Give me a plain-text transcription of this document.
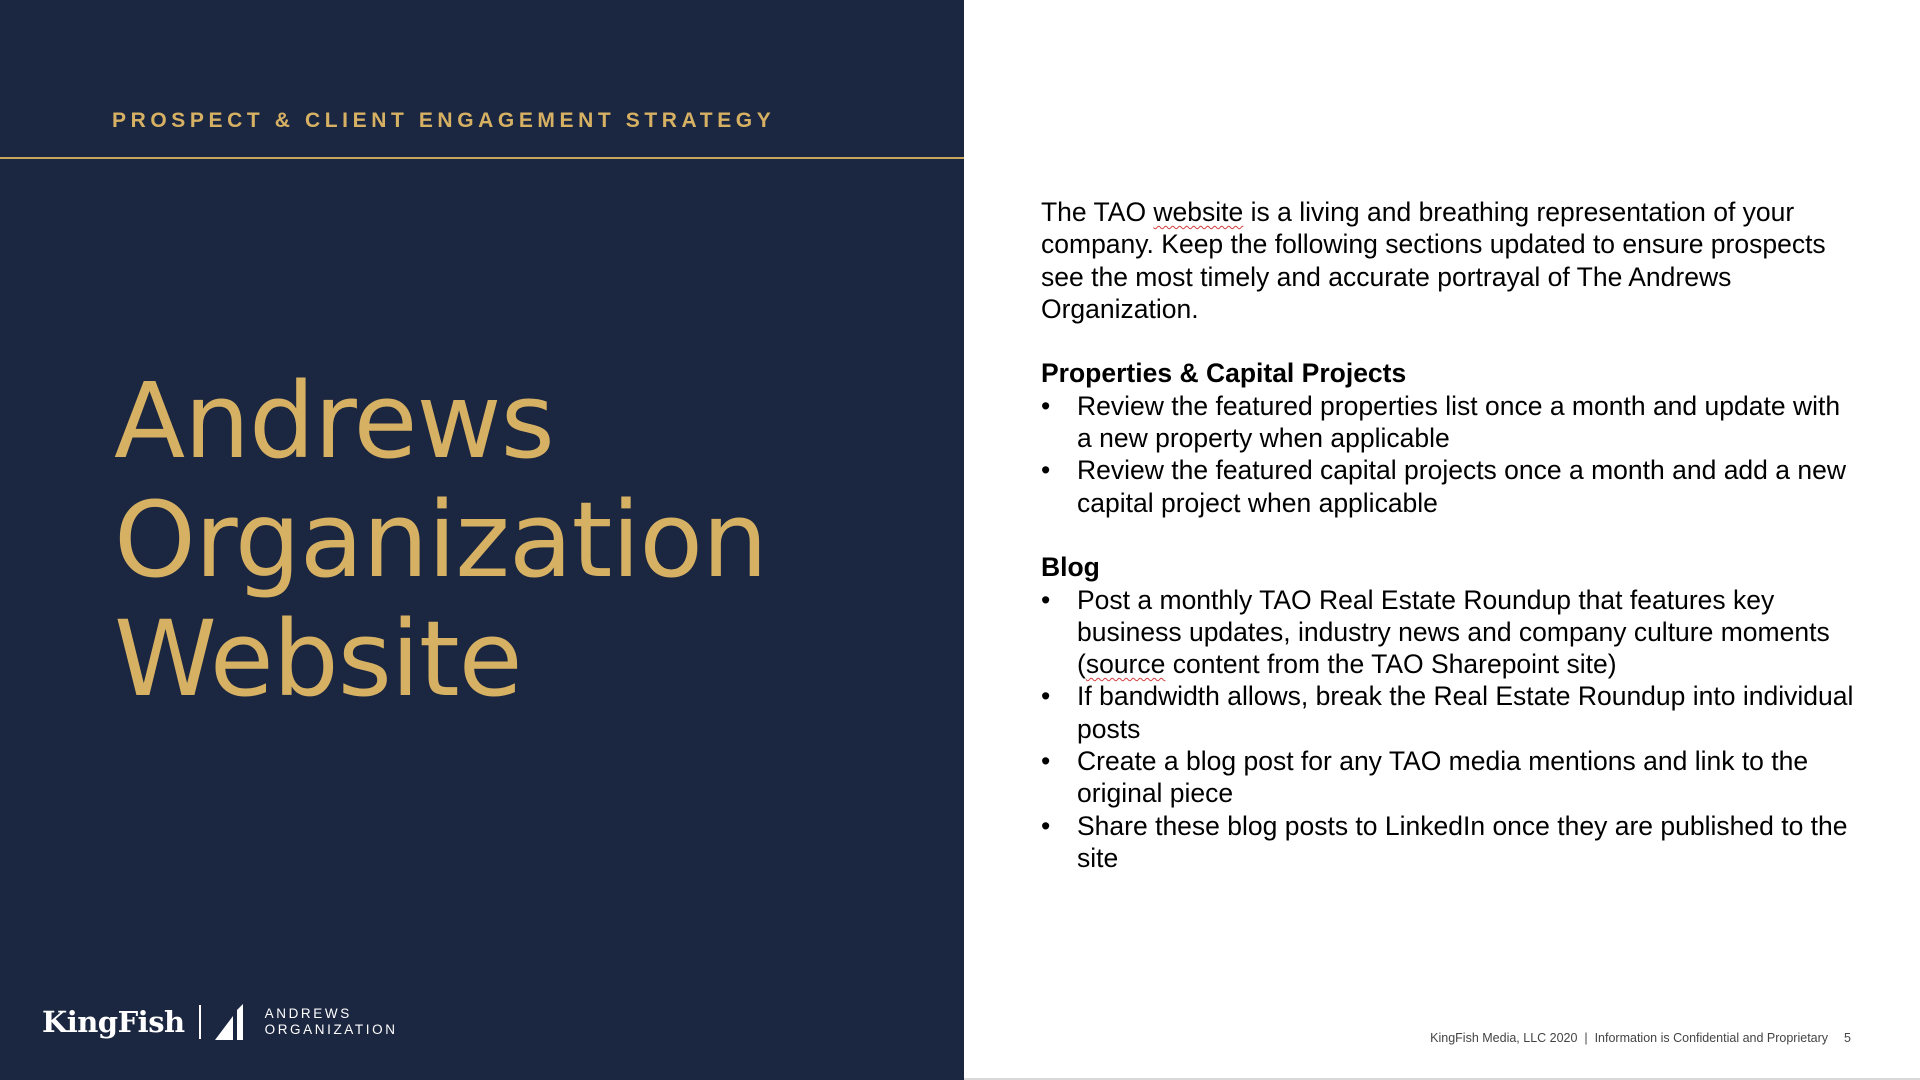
PROSPECT & CLIENT ENGAGEMENT STRATEGY
Andrews
Organization
Website
KingFish	ANDREWS
ORGANIZATION

The TAO website is a living and breathing representation of your company. Keep the following sections updated to ensure prospects see the most timely and accurate portrayal of The Andrews Organization.

Properties & Capital Projects

• Review the featured properties list once a month and update with a new property when applicable
• Review the featured capital projects once a month and add a new capital project when applicable

Blog

• Post a monthly TAO Real Estate Roundup that features key business updates, industry news and company culture moments (source content from the TAO Sharepoint site)
• If bandwidth allows, break the Real Estate Roundup into individual posts
• Create a blog post for any TAO media mentions and link to the original piece
• Share these blog posts to LinkedIn once they are published to the site
KingFish Media, LLC 2020  |  Information is Confidential and Proprietary 5
